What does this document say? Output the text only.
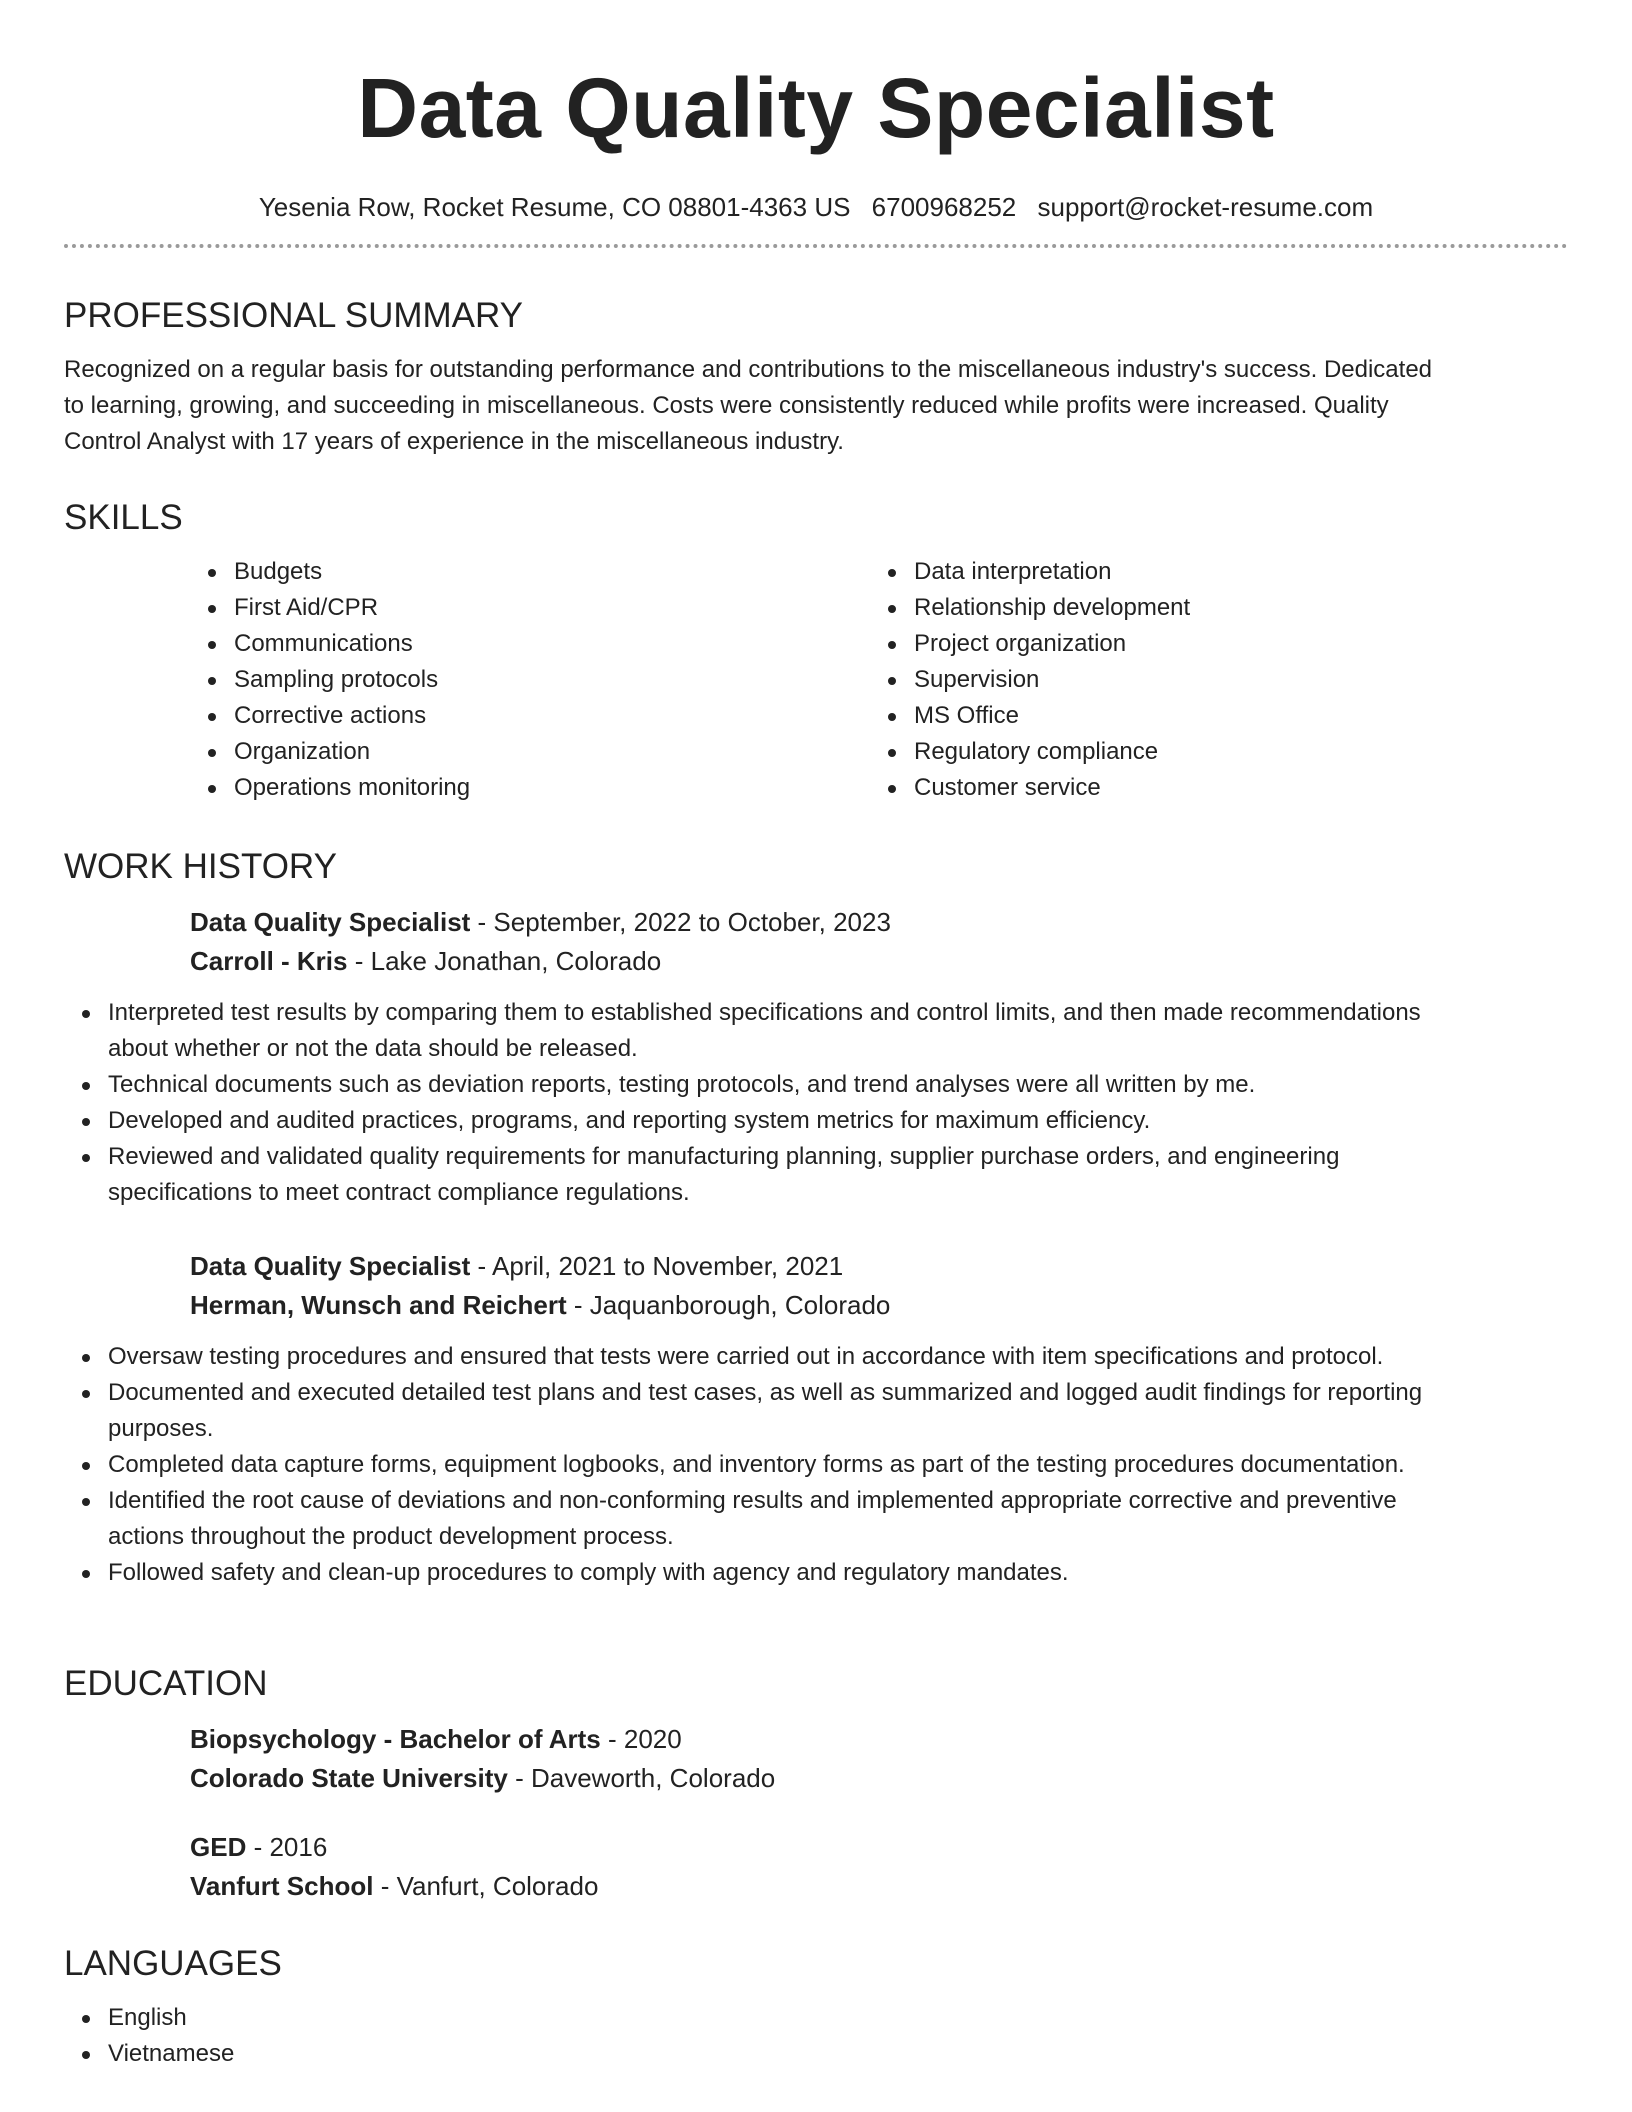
Data Quality Specialist
Yesenia Row, Rocket Resume, CO 08801-4363 US 6700968252 support@rocket-resume.com
PROFESSIONAL SUMMARY

Recognized on a regular basis for outstanding performance and contributions to the miscellaneous industry's success. Dedicated to learning, growing, and succeeding in miscellaneous. Costs were consistently reduced while profits were increased. Quality Control Analyst with 17 years of experience in the miscellaneous industry.

SKILLS
Budgets
First Aid/CPR
Communications
Sampling protocols
Corrective actions
Organization
Operations monitoring
Data interpretation
Relationship development
Project organization
Supervision
MS Office
Regulatory compliance
Customer service
WORK HISTORY

Data Quality Specialist - September, 2022 to October, 2023

Carroll - Kris - Lake Jonathan, Colorado

Interpreted test results by comparing them to established specifications and control limits, and then made recommendations about whether or not the data should be released.
Technical documents such as deviation reports, testing protocols, and trend analyses were all written by me.
Developed and audited practices, programs, and reporting system metrics for maximum efficiency.
Reviewed and validated quality requirements for manufacturing planning, supplier purchase orders, and engineering specifications to meet contract compliance regulations.

Data Quality Specialist - April, 2021 to November, 2021

Herman, Wunsch and Reichert - Jaquanborough, Colorado

Oversaw testing procedures and ensured that tests were carried out in accordance with item specifications and protocol.
Documented and executed detailed test plans and test cases, as well as summarized and logged audit findings for reporting purposes.
Completed data capture forms, equipment logbooks, and inventory forms as part of the testing procedures documentation.
Identified the root cause of deviations and non-conforming results and implemented appropriate corrective and preventive actions throughout the product development process.
Followed safety and clean-up procedures to comply with agency and regulatory mandates.
EDUCATION

Biopsychology - Bachelor of Arts - 2020

Colorado State University - Daveworth, Colorado

GED - 2016

Vanfurt School - Vanfurt, Colorado

LANGUAGES
English
Vietnamese
